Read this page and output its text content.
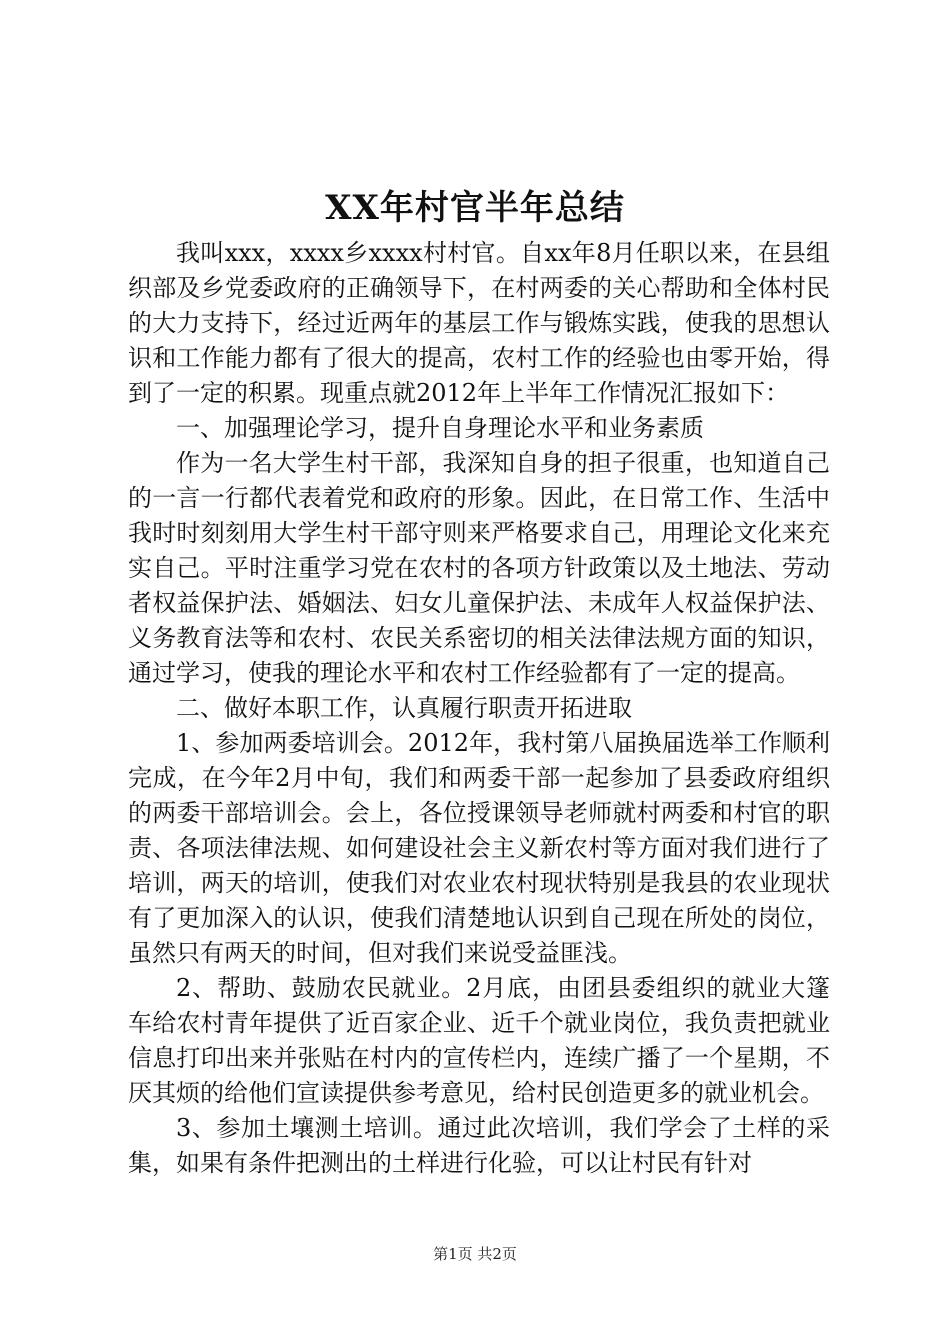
XX年村官半年总结

我叫xxx，xxxx乡xxxx村村官。自xx年8月任职以来，在县组织部及乡党委政府的正确领导下，在村两委的关心帮助和全体村民的大力支持下，经过近两年的基层工作与锻炼实践，使我的思想认识和工作能力都有了很大的提高，农村工作的经验也由零开始，得到了一定的积累。现重点就2012年上半年工作情况汇报如下：

一、加强理论学习，提升自身理论水平和业务素质

作为一名大学生村干部，我深知自身的担子很重，也知道自己的一言一行都代表着党和政府的形象。因此，在日常工作、生活中我时时刻刻用大学生村干部守则来严格要求自己，用理论文化来充实自己。平时注重学习党在农村的各项方针政策以及土地法、劳动者权益保护法、婚姻法、妇女儿童保护法、未成年人权益保护法、义务教育法等和农村、农民关系密切的相关法律法规方面的知识，通过学习，使我的理论水平和农村工作经验都有了一定的提高。

二、做好本职工作，认真履行职责开拓进取

1、参加两委培训会。2012年，我村第八届换届选举工作顺利完成，在今年2月中旬，我们和两委干部一起参加了县委政府组织的两委干部培训会。会上，各位授课领导老师就村两委和村官的职责、各项法律法规、如何建设社会主义新农村等方面对我们进行了培训，两天的培训，使我们对农业农村现状特别是我县的农业现状有了更加深入的认识，使我们清楚地认识到自己现在所处的岗位，虽然只有两天的时间，但对我们来说受益匪浅。

2、帮助、鼓励农民就业。2月底，由团县委组织的就业大篷车给农村青年提供了近百家企业、近千个就业岗位，我负责把就业信息打印出来并张贴在村内的宣传栏内，连续广播了一个星期，不厌其烦的给他们宣读提供参考意见，给村民创造更多的就业机会。

3、参加土壤测土培训。通过此次培训，我们学会了土样的采集，如果有条件把测出的土样进行化验，可以让村民有针对

第1页 共2页
